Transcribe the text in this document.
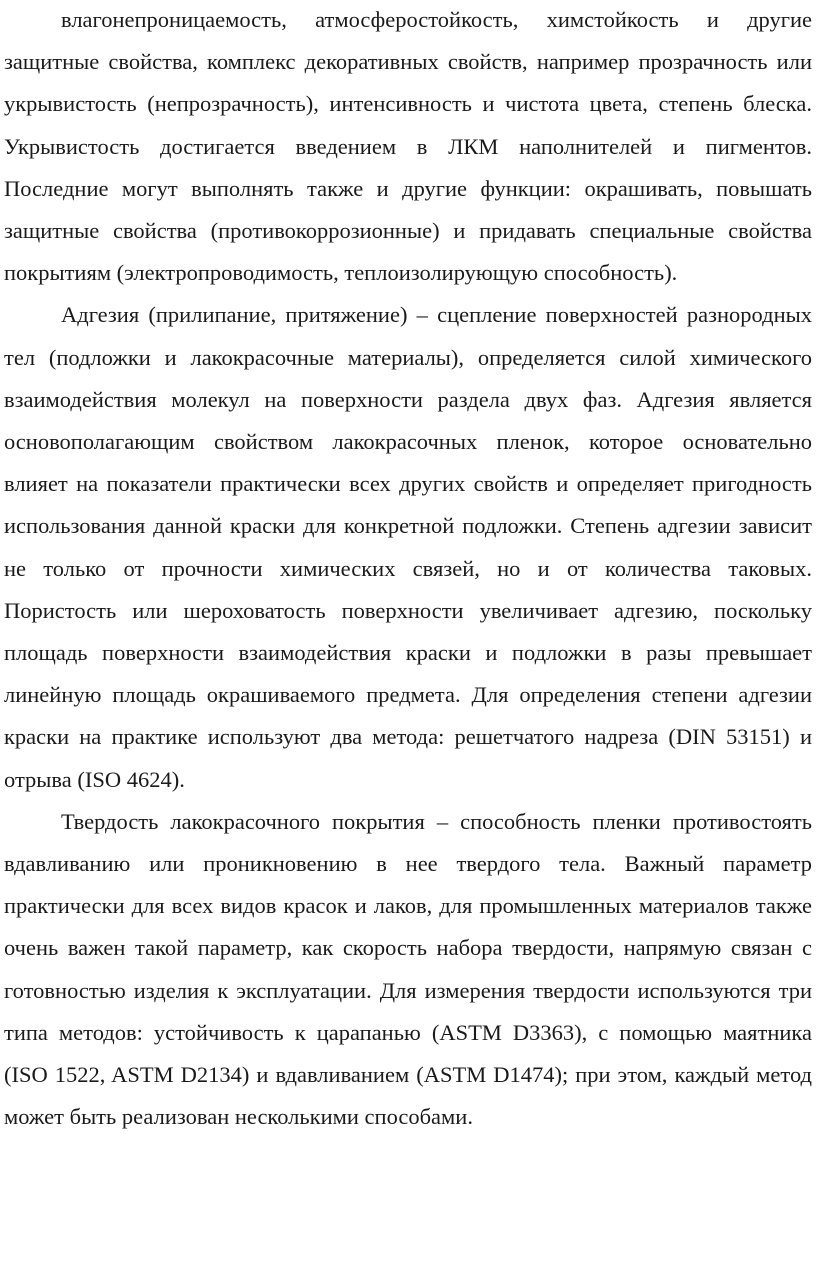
влагонепроницаемость, атмосферостойкость, химстойкость и другие защитные свойства, комплекс декоративных свойств, например прозрачность или укрывистость (непрозрачность), интенсивность и чистота цвета, степень блеска. Укрывистость достигается введением в ЛКМ наполнителей и пигментов. Последние могут выполнять также и другие функции: окрашивать, повышать защитные свойства (противокоррозионные) и придавать специальные свойства покрытиям (электропроводимость, теплоизолирующую способность).

Адгезия (прилипание, притяжение) – сцепление поверхностей разнородных тел (подложки и лакокрасочные материалы), определяется силой химического взаимодействия молекул на поверхности раздела двух фаз. Адгезия является основополагающим свойством лакокрасочных пленок, которое основательно влияет на показатели практически всех других свойств и определяет пригодность использования данной краски для конкретной подложки. Степень адгезии зависит не только от прочности химических связей, но и от количества таковых. Пористость или шероховатость поверхности увеличивает адгезию, поскольку площадь поверхности взаимодействия краски и подложки в разы превышает линейную площадь окрашиваемого предмета. Для определения степени адгезии краски на практике используют два метода: решетчатого надреза (DIN 53151) и отрыва (ISO 4624).

Твердость лакокрасочного покрытия – способность пленки противостоять вдавливанию или проникновению в нее твердого тела. Важный параметр практически для всех видов красок и лаков, для промышленных материалов также очень важен такой параметр, как скорость набора твердости, напрямую связан с готовностью изделия к эксплуатации. Для измерения твердости используются три типа методов: устойчивость к царапанью (ASTM D3363), с помощью маятника (ISO 1522, ASTM D2134) и вдавливанием (ASTM D1474); при этом, каждый метод может быть реализован несколькими способами.
